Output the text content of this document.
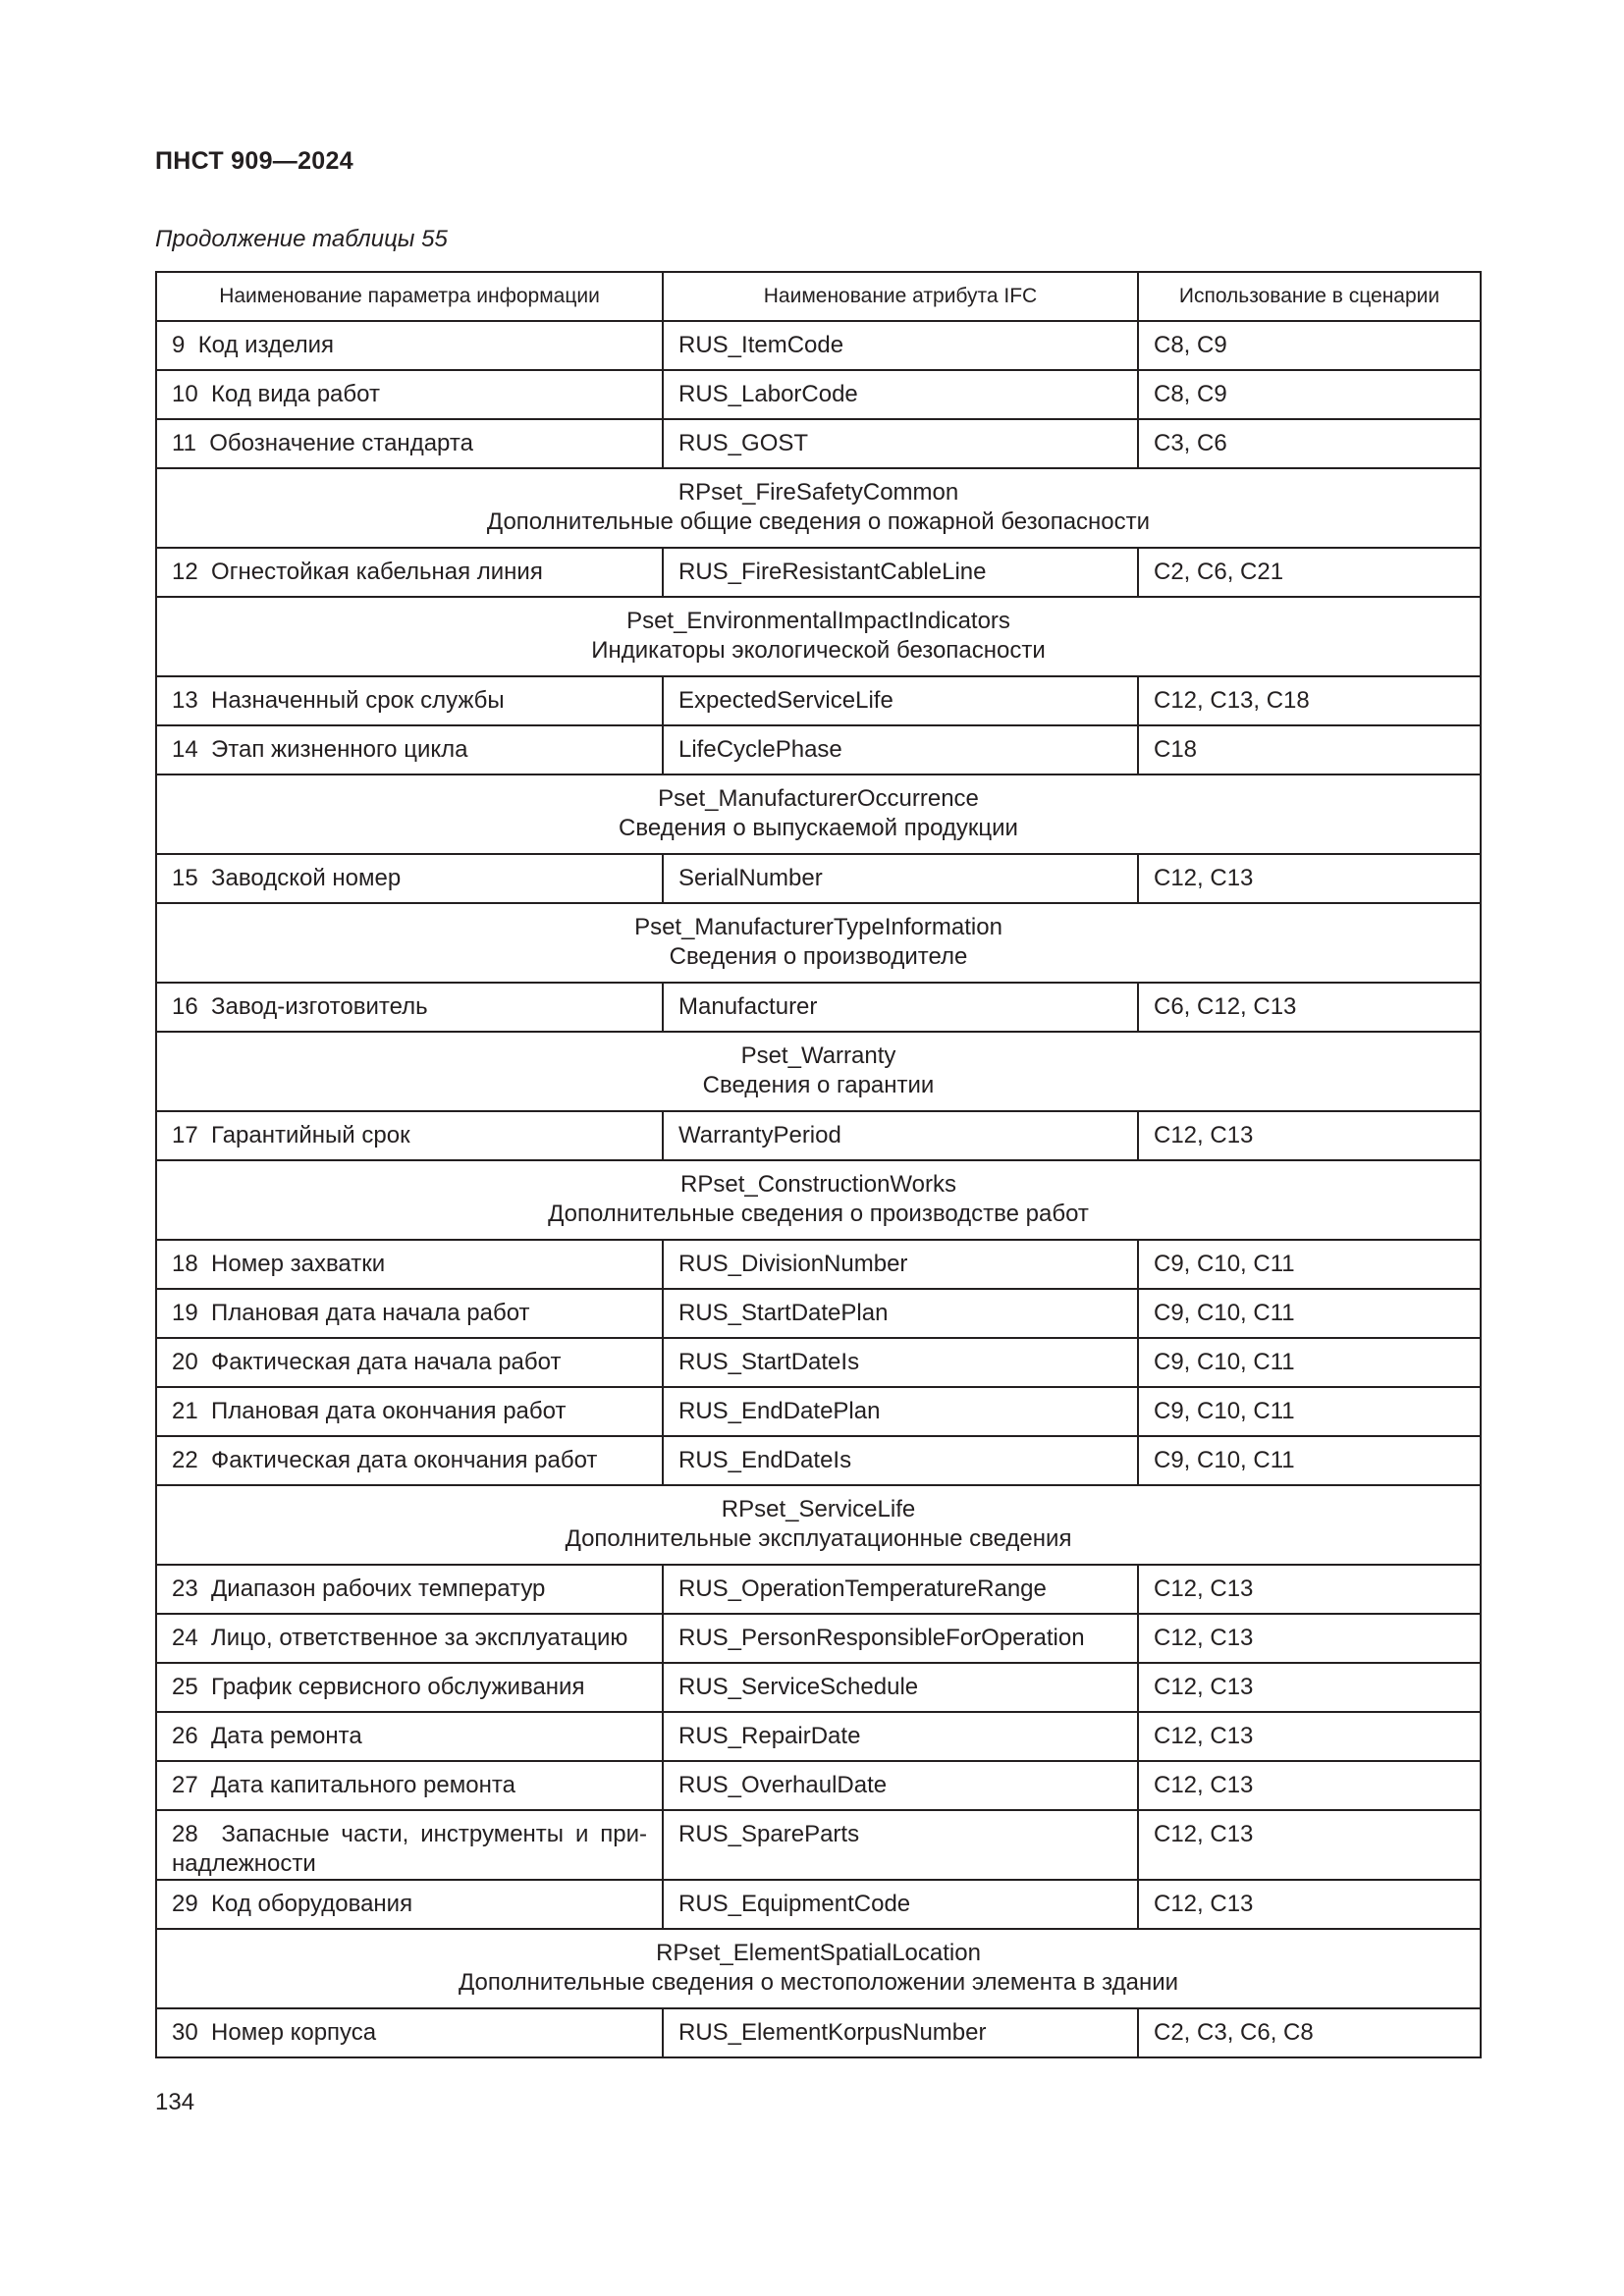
ПНСТ 909—2024
Продолжение таблицы 55
Наименование параметра информации	Наименование атрибута IFC	Использование в сценарии

9 Код изделия	RUS_ItemCode	C8, C9

10 Код вида работ	RUS_LaborCode	C8, C9

11 Обозначение стандарта	RUS_GOST	C3, C6

RPset_FireSafetyCommon
Дополнительные общие сведения о пожарной безопасности		

12 Огнестойкая кабельная линия	RUS_FireResistantCableLine	C2, C6, C21

Pset_EnvironmentalImpactIndicators
Индикаторы экологической безопасности		

13 Назначенный срок службы	ExpectedServiceLife	C12, C13, C18

14 Этап жизненного цикла	LifeCyclePhase	C18

Pset_ManufacturerOccurrence
Сведения о выпускаемой продукции		

15 Заводской номер	SerialNumber	C12, C13

Pset_ManufacturerTypeInformation
Сведения о производителе		

16 Завод-изготовитель	Manufacturer	C6, C12, C13

Pset_Warranty
Сведения о гарантии		

17 Гарантийный срок	WarrantyPeriod	C12, C13

RPset_ConstructionWorks
Дополнительные сведения о производстве работ		

18 Номер захватки	RUS_DivisionNumber	C9, C10, C11

19 Плановая дата начала работ	RUS_StartDatePlan	C9, C10, C11

20 Фактическая дата начала работ	RUS_StartDateIs	C9, C10, C11

21 Плановая дата окончания работ	RUS_EndDatePlan	C9, C10, C11

22 Фактическая дата окончания работ	RUS_EndDateIs	C9, C10, C11

RPset_ServiceLife
Дополнительные эксплуатационные сведения		

23 Диапазон рабочих температур	RUS_OperationTemperatureRange	C12, C13

24 Лицо, ответственное за эксплуатацию	RUS_PersonResponsibleForOperation	C12, C13

25 График сервисного обслуживания	RUS_ServiceSchedule	C12, C13

26 Дата ремонта	RUS_RepairDate	C12, C13

27 Дата капитального ремонта	RUS_OverhaulDate	C12, C13

28 Запасные части, инструменты и при-
надлежности	RUS_SpareParts	C12, C13

29 Код оборудования	RUS_EquipmentCode	C12, C13

RPset_ElementSpatialLocation
Дополнительные сведения о местоположении элемента в здании		

30 Номер корпуса	RUS_ElementKorpusNumber	C2, C3, C6, C8
134
